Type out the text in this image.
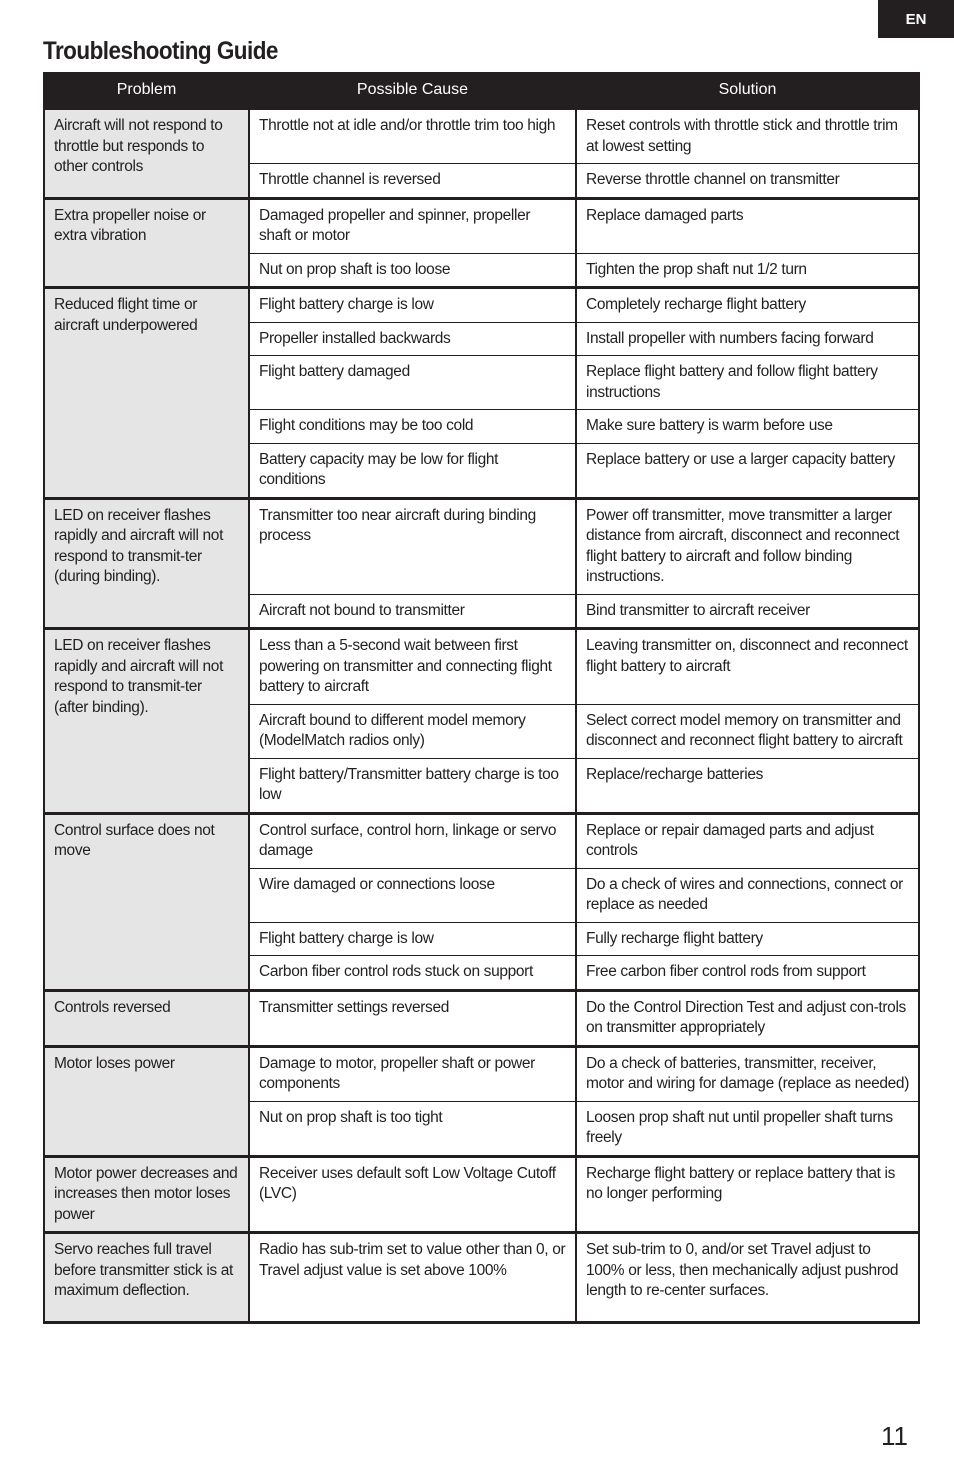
EN
Troubleshooting Guide
Problem	Possible Cause	Solution
Aircraft will not respond to throttle but responds to other controls	Throttle not at idle and/or throttle trim too high	Reset controls with throttle stick and throttle trim at lowest setting
	Throttle channel is reversed	Reverse throttle channel on transmitter
Extra propeller noise or extra vibration	Damaged propeller and spinner, propeller shaft or motor	Replace damaged parts
	Nut on prop shaft is too loose	Tighten the prop shaft nut 1/2 turn
Reduced flight time or aircraft underpowered	Flight battery charge is low	Completely recharge flight battery
	Propeller installed backwards	Install propeller with numbers facing forward
	Flight battery damaged	Replace flight battery and follow flight battery instructions
	Flight conditions may be too cold	Make sure battery is warm before use
	Battery capacity may be low for flight conditions	Replace battery or use a larger capacity battery
LED on receiver flashes rapidly and aircraft will not respond to transmit-ter (during binding).	Transmitter too near aircraft during binding process	Power off transmitter, move transmitter a larger distance from aircraft, disconnect and reconnect flight battery to aircraft and follow binding instructions.
	Aircraft not bound to transmitter	Bind transmitter to aircraft receiver
LED on receiver flashes rapidly and aircraft will not respond to transmit-ter (after binding).	Less than a 5-second wait between first powering on transmitter and connecting flight battery to aircraft	Leaving transmitter on, disconnect and reconnect flight battery to aircraft
	Aircraft bound to different model memory (ModelMatch radios only)	Select correct model memory on transmitter and disconnect and reconnect flight battery to aircraft
	Flight battery/Transmitter battery charge is too low	Replace/recharge batteries
Control surface does not move	Control surface, control horn, linkage or servo damage	Replace or repair damaged parts and adjust controls
	Wire damaged or connections loose	Do a check of wires and connections, connect or replace as needed
	Flight battery charge is low	Fully recharge flight battery
	Carbon fiber control rods stuck on support	Free carbon fiber control rods from support
Controls reversed	Transmitter settings reversed	Do the Control Direction Test and adjust con-trols on transmitter appropriately
Motor loses power	Damage to motor, propeller shaft or power components	Do a check of batteries, transmitter, receiver, motor and wiring for damage (replace as needed)
	Nut on prop shaft is too tight	Loosen prop shaft nut until propeller shaft turns freely
Motor power decreases and increases then motor loses power	Receiver uses default soft Low Voltage Cutoff (LVC)	Recharge flight battery or replace battery that is no longer performing
Servo reaches full travel before transmitter stick is at maximum deflection.	Radio has sub-trim set to value other than 0, or Travel adjust value is set above 100%	Set sub-trim to 0, and/or set Travel adjust to 100% or less, then mechanically adjust pushrod length to re-center surfaces.
11
